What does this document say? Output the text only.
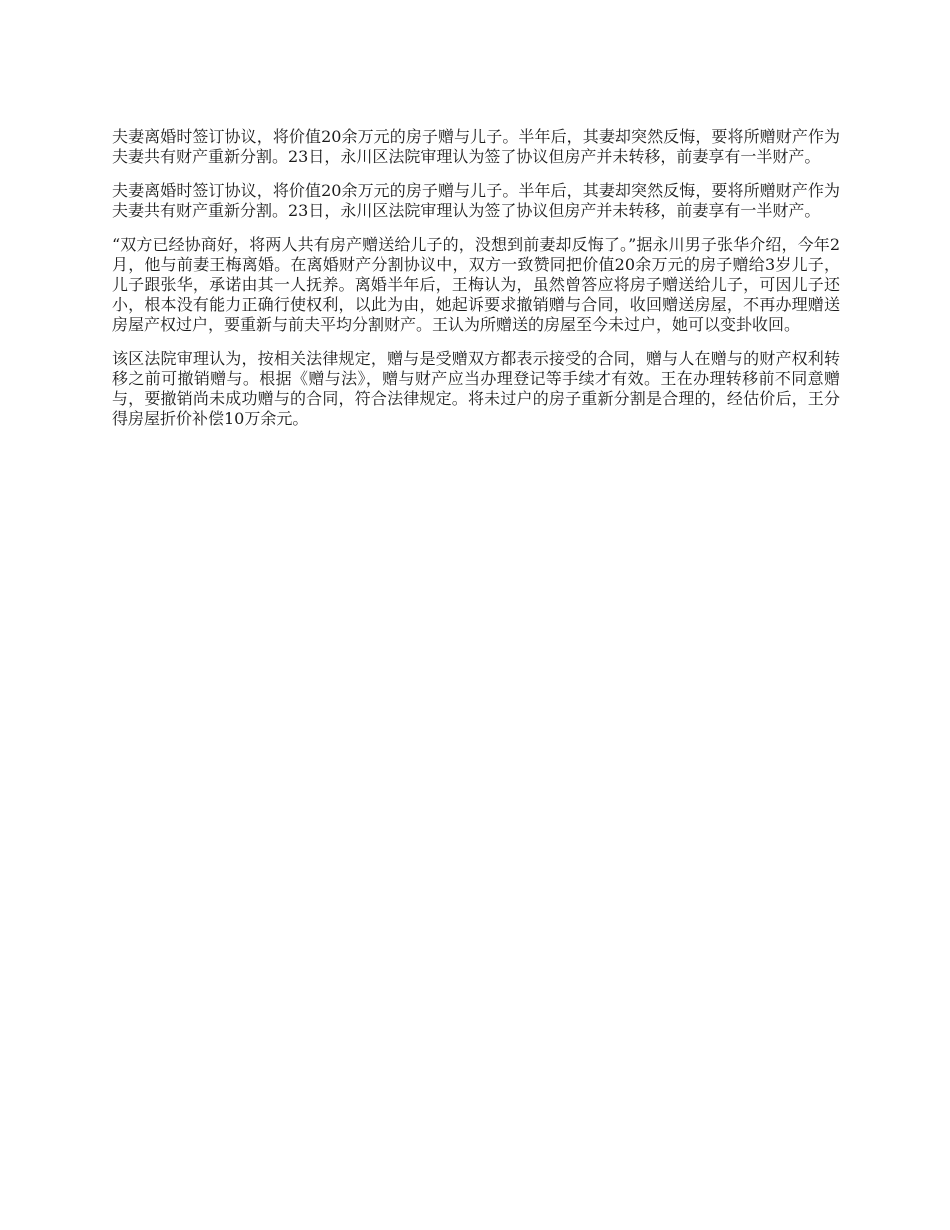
夫妻离婚时签订协议，将价值20余万元的房子赠与儿子。半年后，其妻却突然反悔，要将所赠财产作为夫妻共有财产重新分割。23日，永川区法院审理认为签了协议但房产并未转移，前妻享有一半财产。

夫妻离婚时签订协议，将价值20余万元的房子赠与儿子。半年后，其妻却突然反悔，要将所赠财产作为夫妻共有财产重新分割。23日，永川区法院审理认为签了协议但房产并未转移，前妻享有一半财产。

“双方已经协商好，将两人共有房产赠送给儿子的，没想到前妻却反悔了。”据永川男子张华介绍，今年2月，他与前妻王梅离婚。在离婚财产分割协议中，双方一致赞同把价值20余万元的房子赠给3岁儿子，儿子跟张华，承诺由其一人抚养。离婚半年后，王梅认为，虽然曾答应将房子赠送给儿子，可因儿子还小，根本没有能力正确行使权利，以此为由，她起诉要求撤销赠与合同，收回赠送房屋，不再办理赠送房屋产权过户，要重新与前夫平均分割财产。王认为所赠送的房屋至今未过户，她可以变卦收回。

该区法院审理认为，按相关法律规定，赠与是受赠双方都表示接受的合同，赠与人在赠与的财产权利转移之前可撤销赠与。根据《赠与法》，赠与财产应当办理登记等手续才有效。王在办理转移前不同意赠与，要撤销尚未成功赠与的合同，符合法律规定。将未过户的房子重新分割是合理的，经估价后，王分得房屋折价补偿10万余元。
